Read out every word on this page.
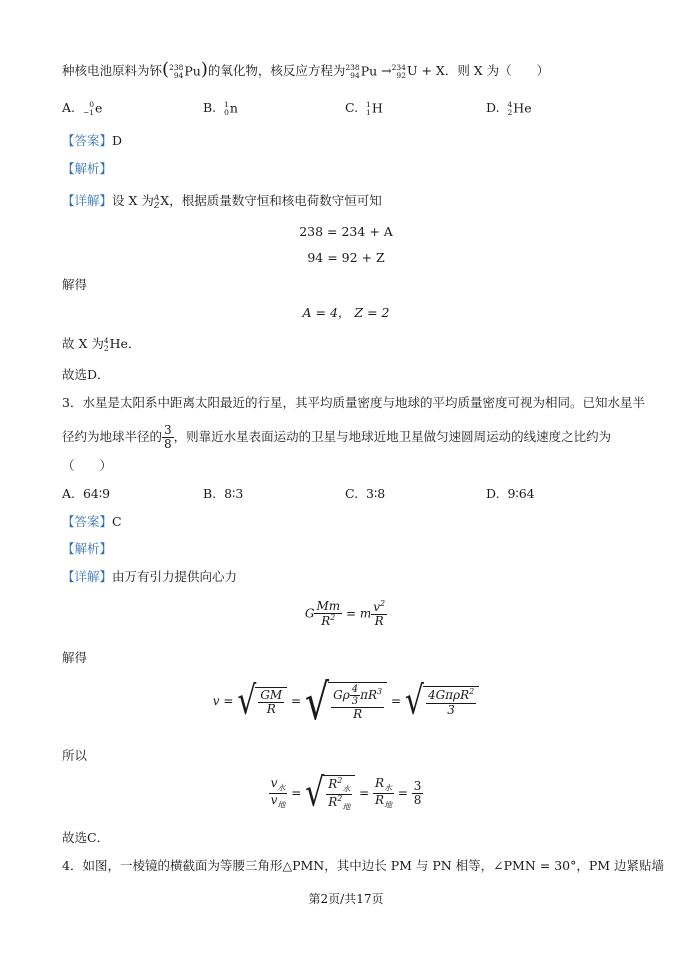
种核电池原料为钚( 238
94 Pu)的氧化物，核反应方程为 238
94 Pu → 234
92 U + X．则 X 为（　　）
A.	0
−1 e	B. 1
0 n	C. 1
1 H	D. 4
2 He
【答案】D
【解析】
【详解】设 X 为 A
Z X，根据质量数守恒和核电荷数守恒可知
238 = 234 + A
94 = 92 + Z
解得
A = 4， Z = 2
故 X 为 4
2 He．
故选D．
3．水星是太阳系中距离太阳最近的行星，其平均质量密度与地球的平均质量密度可视为相同。已知水星半
径约为地球半径的 $\frac{3}{8}$ ，则靠近水星表面运动的卫星与地球近地卫星做匀速圆周运动的线速度之比约为
（　　）
A. 64∶9	B. 8∶3	C. 3∶8	D. 9∶64
【答案】C
【解析】
【详解】由万有引力提供向心力
G $\frac{Mm}{R^2} = m \frac{v^2}{R}$
解得
v = √ $\frac{GM}{R}$ = √ $\frac{G\rho \frac{4}{3} \pi R^3}{R}$ = √ $\frac{4G\pi\rho R^2}{3}$
所以
$\frac{v_水}{v_地}$ = √ $\frac{R^2_水}{R^2_地} = \frac{R_水}{R_地} = \frac{3}{8}$
故选C．
4．如图，一棱镜的横截面为等腰三角形△PMN，其中边长 PM 与 PN 相等，∠PMN = 30°，PM 边紧贴墙
第2页/共17页
